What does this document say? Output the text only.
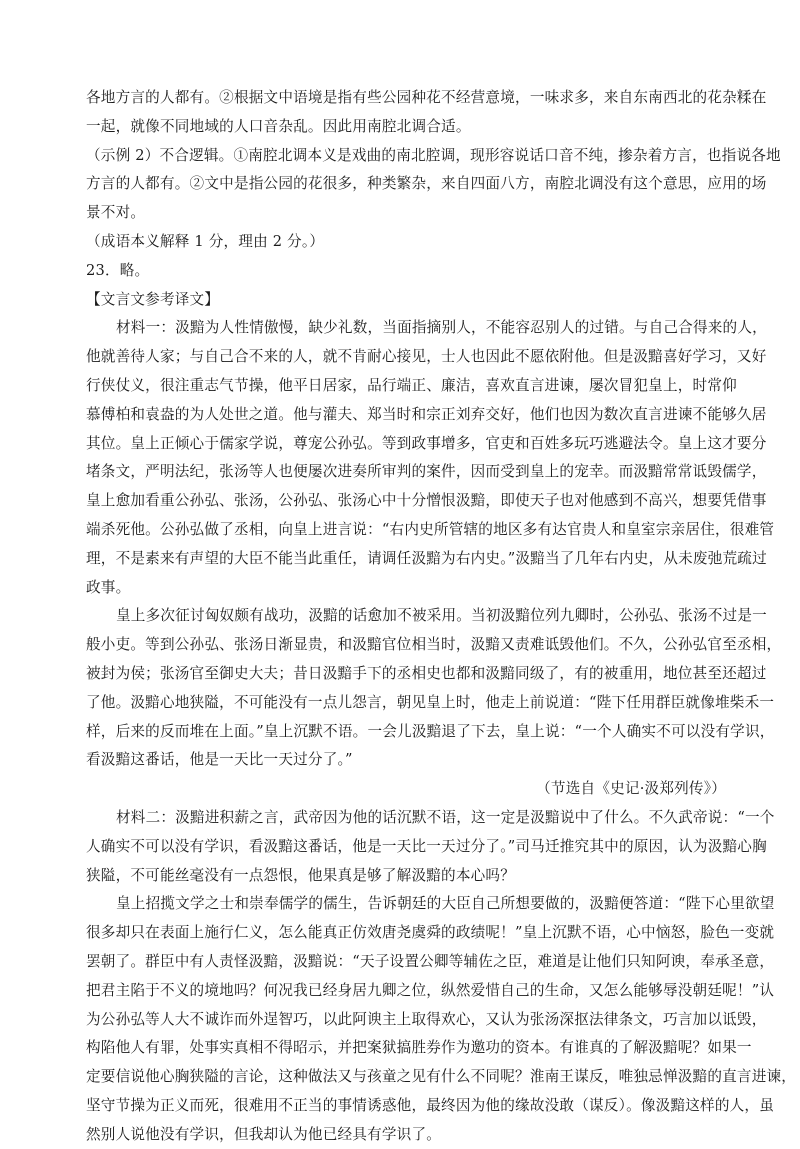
各地方言的人都有。②根据文中语境是指有些公园种花不经营意境，一味求多，来自东南西北的花杂糅在
一起，就像不同地域的人口音杂乱。因此用南腔北调合适。
（示例 2）不合逻辑。①南腔北调本义是戏曲的南北腔调，现形容说话口音不纯，掺杂着方言，也指说各地
方言的人都有。②文中是指公园的花很多，种类繁杂，来自四面八方，南腔北调没有这个意思，应用的场
景不对。
（成语本义解释 1 分，理由 2 分。）
23．略。
【文言文参考译文】
材料一：汲黯为人性情傲慢，缺少礼数，当面指摘别人，不能容忍别人的过错。与自己合得来的人，
他就善待人家；与自己合不来的人，就不肯耐心接见，士人也因此不愿依附他。但是汲黯喜好学习，又好
行侠仗义，很注重志气节操，他平日居家，品行端正、廉洁，喜欢直言进谏，屡次冒犯皇上，时常仰
慕傅柏和袁盎的为人处世之道。他与灌夫、郑当时和宗正刘弃交好，他们也因为数次直言进谏不能够久居
其位。皇上正倾心于儒家学说，尊宠公孙弘。等到政事增多，官吏和百姓多玩巧逃避法令。皇上这才要分
堵条文，严明法纪，张汤等人也便屡次进奏所审判的案件，因而受到皇上的宠幸。而汲黯常常诋毁儒学，
皇上愈加看重公孙弘、张汤，公孙弘、张汤心中十分憎恨汲黯，即使天子也对他感到不高兴，想要凭借事
端杀死他。公孙弘做了丞相，向皇上进言说：“右内史所管辖的地区多有达官贵人和皇室宗亲居住，很难管
理，不是素来有声望的大臣不能当此重任，请调任汲黯为右内史。”汲黯当了几年右内史，从未废弛荒疏过
政事。
皇上多次征讨匈奴颇有战功，汲黯的话愈加不被采用。当初汲黯位列九卿时，公孙弘、张汤不过是一
般小吏。等到公孙弘、张汤日渐显贵，和汲黯官位相当时，汲黯又责难诋毁他们。不久，公孙弘官至丞相，
被封为侯；张汤官至御史大夫；昔日汲黯手下的丞相史也都和汲黯同级了，有的被重用，地位甚至还超过
了他。汲黯心地狭隘，不可能没有一点儿怨言，朝见皇上时，他走上前说道：“陛下任用群臣就像堆柴禾一
样，后来的反而堆在上面。”皇上沉默不语。一会儿汲黯退了下去，皇上说：“一个人确实不可以没有学识，
看汲黯这番话，他是一天比一天过分了。”
（节选自《史记·汲郑列传》）
材料二：汲黯进积薪之言，武帝因为他的话沉默不语，这一定是汲黯说中了什么。不久武帝说：“一个
人确实不可以没有学识，看汲黯这番话，他是一天比一天过分了。”司马迁推究其中的原因，认为汲黯心胸
狭隘，不可能丝毫没有一点怨恨，他果真是够了解汲黯的本心吗？
皇上招揽文学之士和崇奉儒学的儒生，告诉朝廷的大臣自己所想要做的，汲黯便答道：“陛下心里欲望
很多却只在表面上施行仁义，怎么能真正仿效唐尧虞舜的政绩呢！”皇上沉默不语，心中恼怒，脸色一变就
罢朝了。群臣中有人责怪汲黯，汲黯说：“天子设置公卿等辅佐之臣，难道是让他们只知阿谀，奉承圣意，
把君主陷于不义的境地吗？何况我已经身居九卿之位，纵然爱惜自己的生命，又怎么能够辱没朝廷呢！”认
为公孙弘等人大不诚诈而外逞智巧，以此阿谀主上取得欢心，又认为张汤深抠法律条文，巧言加以诋毁，
构陷他人有罪，处事实真相不得昭示，并把案狱搞胜券作为邀功的资本。有谁真的了解汲黯呢？如果一
定要信说他心胸狭隘的言论，这种做法又与孩童之见有什么不同呢？淮南王谋反，唯独忌惮汲黯的直言进谏，
坚守节操为正义而死，很难用不正当的事情诱惑他，最终因为他的缘故没敢（谋反）。像汲黯这样的人，虽
然别人说他没有学识，但我却认为他已经具有学识了。
